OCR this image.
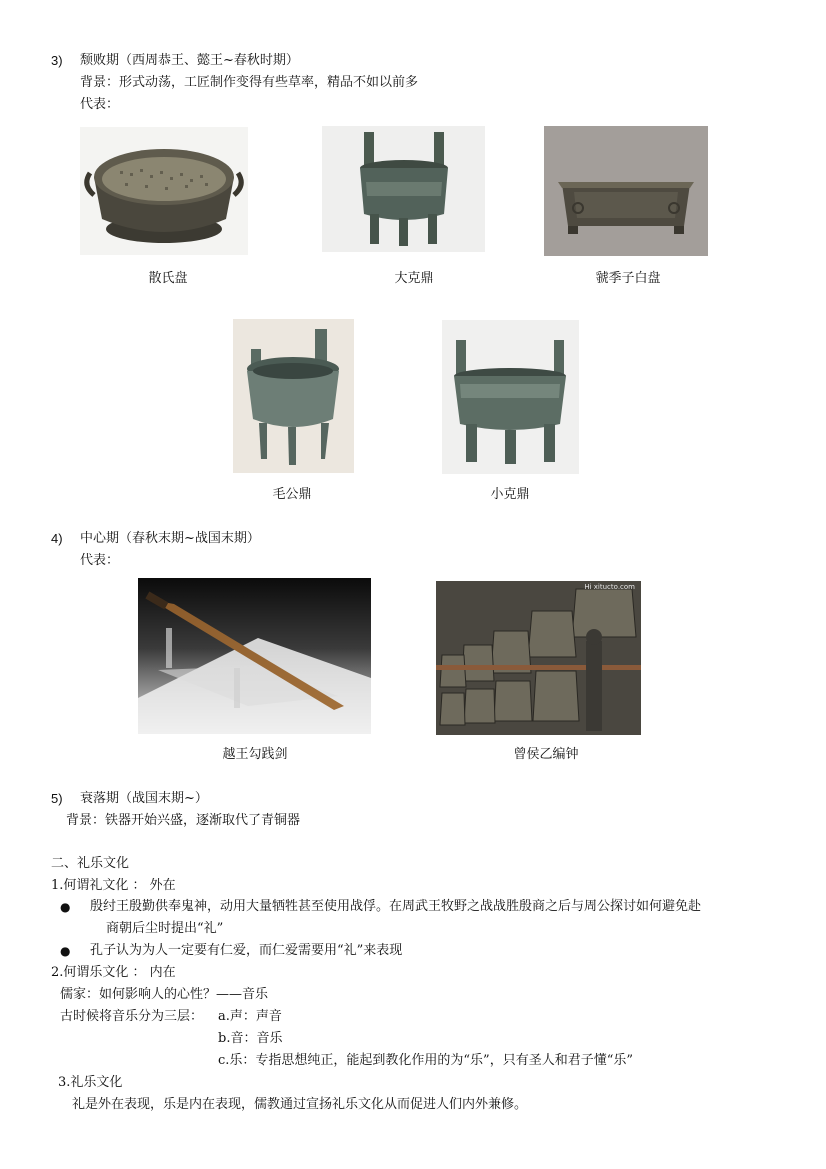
3) 颓败期（西周恭王、懿王~春秋时期）
背景：形式动荡，工匠制作变得有些草率，精品不如以前多
代表：
散氏盘	大克鼎	虢季子白盘
毛公鼎	小克鼎
4) 中心期（春秋末期~战国末期）
代表：
Hi xitucto.com
越王勾践剑	曾侯乙编钟
5) 衰落期（战国末期~）
背景：铁器开始兴盛，逐渐取代了青铜器
二、礼乐文化
1.何谓礼文化 ： 外在
● 殷纣王殷勤供奉鬼神，动用大量牺牲甚至使用战俘。在周武王牧野之战战胜殷商之后与周公探讨如何避免赴
商朝后尘时提出“礼”
● 孔子认为为人一定要有仁爱，而仁爱需要用“礼”来表现
2.何谓乐文化 ： 内在
儒家：如何影响人的心性？——音乐
古时候将音乐分为三层： a.声：声音
b.音：音乐
c.乐：专指思想纯正，能起到教化作用的为“乐”，只有圣人和君子懂“乐”
3.礼乐文化
礼是外在表现，乐是内在表现，儒教通过宣扬礼乐文化从而促进人们内外兼修。
